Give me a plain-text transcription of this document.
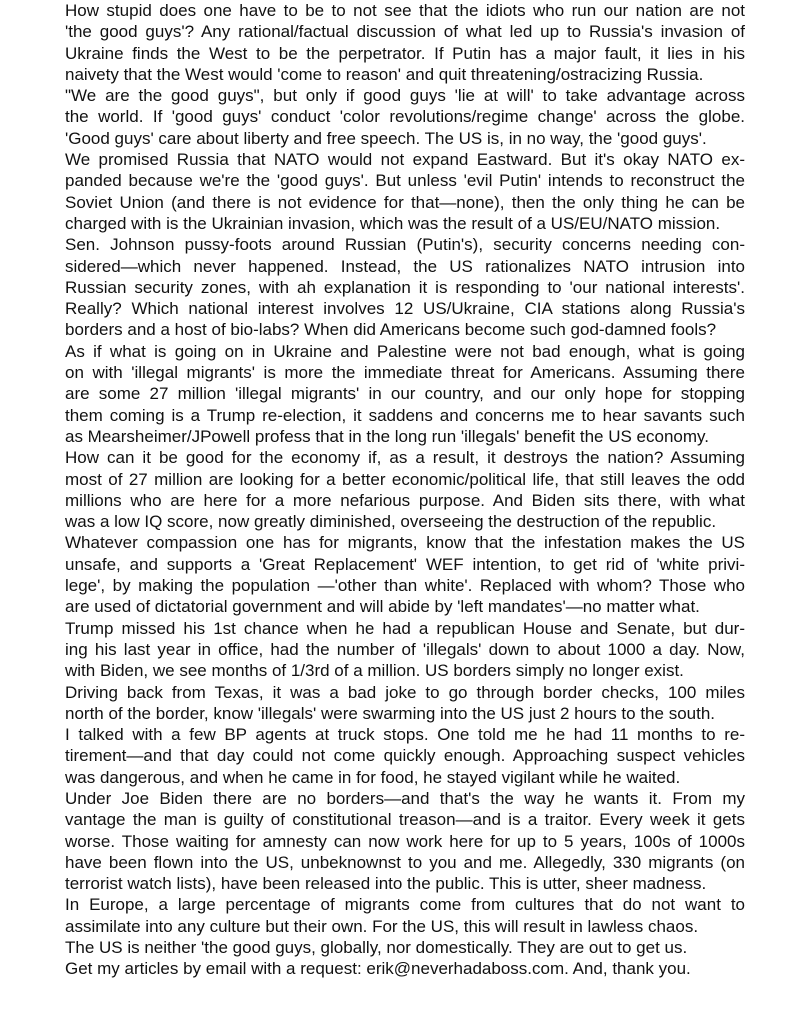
How stupid does one have to be to not see that the idiots who run our nation are not
'the good guys'? Any rational/factual discussion of what led up to Russia's invasion of
Ukraine finds the West to be the perpetrator. If Putin has a major fault, it lies in his
naivety that the West would 'come to reason' and quit threatening/ostracizing Russia.
"We are the good guys", but only if good guys 'lie at will' to take advantage across
the world. If 'good guys' conduct 'color revolutions/regime change' across the globe.
'Good guys' care about liberty and free speech. The US is, in no way, the 'good guys'.
We promised Russia that NATO would not expand Eastward. But it's okay NATO ex-
panded because we're the 'good guys'. But unless 'evil Putin' intends to reconstruct the
Soviet Union (and there is not evidence for that—none), then the only thing he can be
charged with is the Ukrainian invasion, which was the result of a US/EU/NATO mission.
Sen. Johnson pussy-foots around Russian (Putin's), security concerns needing con-
sidered—which never happened. Instead, the US rationalizes NATO intrusion into
Russian security zones, with ah explanation it is responding to 'our national interests'.
Really? Which national interest involves 12 US/Ukraine, CIA stations along Russia's
borders and a host of bio-labs? When did Americans become such god-damned fools?
As if what is going on in Ukraine and Palestine were not bad enough, what is going
on with 'illegal migrants' is more the immediate threat for Americans. Assuming there
are some 27 million 'illegal migrants' in our country, and our only hope for stopping
them coming is a Trump re-election, it saddens and concerns me to hear savants such
as Mearsheimer/JPowell profess that in the long run 'illegals' benefit the US economy.
How can it be good for the economy if, as a result, it destroys the nation? Assuming
most of 27 million are looking for a better economic/political life, that still leaves the odd
millions who are here for a more nefarious purpose. And Biden sits there, with what
was a low IQ score, now greatly diminished, overseeing the destruction of the republic.
Whatever compassion one has for migrants, know that the infestation makes the US
unsafe, and supports a 'Great Replacement' WEF intention, to get rid of 'white privi-
lege', by making the population —'other than white'. Replaced with whom? Those who
are used of dictatorial government and will abide by 'left mandates'—no matter what.
Trump missed his 1st chance when he had a republican House and Senate, but dur-
ing his last year in office, had the number of 'illegals' down to about 1000 a day. Now,
with Biden, we see months of 1/3rd of a million. US borders simply no longer exist.
Driving back from Texas, it was a bad joke to go through border checks, 100 miles
north of the border, know 'illegals' were swarming into the US just 2 hours to the south.
I talked with a few BP agents at truck stops. One told me he had 11 months to re-
tirement—and that day could not come quickly enough. Approaching suspect vehicles
was dangerous, and when he came in for food, he stayed vigilant while he waited.
Under Joe Biden there are no borders—and that's the way he wants it. From my
vantage the man is guilty of constitutional treason—and is a traitor. Every week it gets
worse. Those waiting for amnesty can now work here for up to 5 years, 100s of 1000s
have been flown into the US, unbeknownst to you and me. Allegedly, 330 migrants (on
terrorist watch lists), have been released into the public. This is utter, sheer madness.
In Europe, a large percentage of migrants come from cultures that do not want to
assimilate into any culture but their own. For the US, this will result in lawless chaos.
The US is neither 'the good guys, globally, nor domestically. They are out to get us.
Get my articles by email with a request: erik@neverhadaboss.com. And, thank you.
